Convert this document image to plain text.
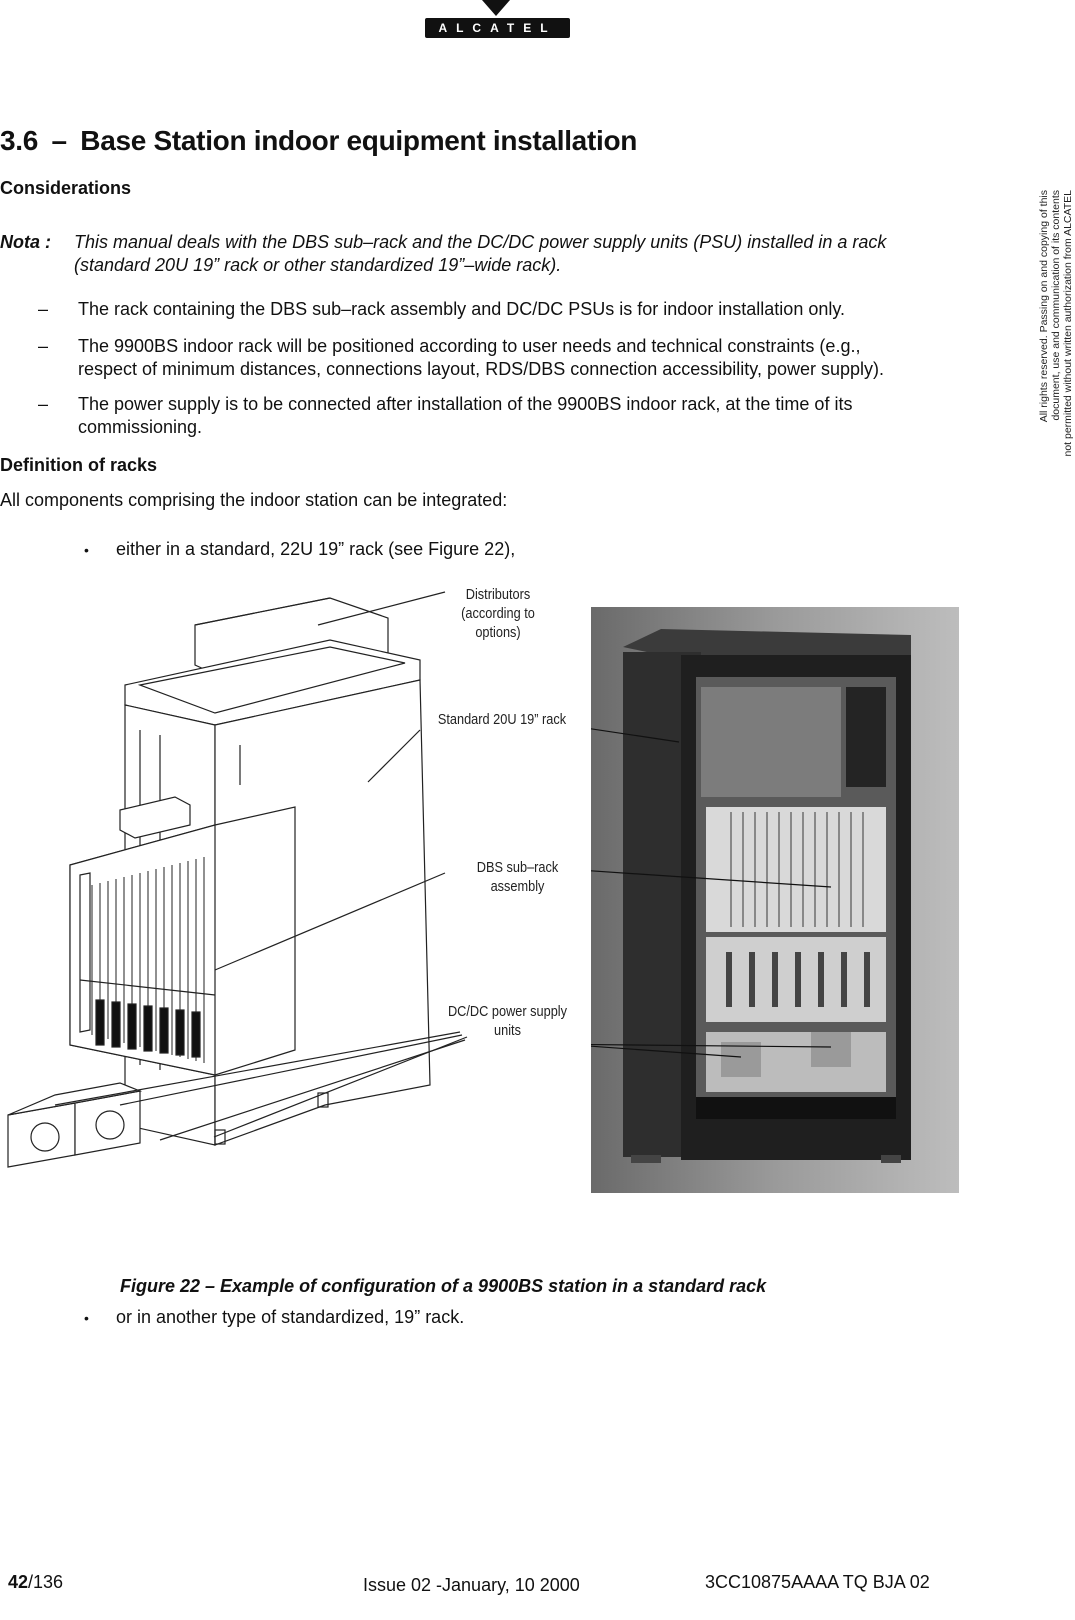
ALCATEL
All rights reserved. Passing on and copying of this document, use and communication of its contents not permitted without written authorization from ALCATEL
3.6 – Base Station indoor equipment installation
Considerations
Nota : This manual deals with the DBS sub–rack and the DC/DC power supply units (PSU) installed in a rack
(standard 20U 19” rack or other standardized 19”–wide rack).
– The rack containing the DBS sub–rack assembly and DC/DC PSUs is for indoor installation only.
– The 9900BS indoor rack will be positioned according to user needs and technical constraints (e.g.,
respect of minimum distances, connections layout, RDS/DBS connection accessibility, power supply).
– The power supply is to be connected after installation of the 9900BS indoor rack, at the time of its
commissioning.
Definition of racks
All components comprising the indoor station can be integrated:
• either in a standard, 22U 19” rack (see Figure 22),
Distributors
(according to
options)
Standard 20U 19” rack
DBS sub–rack
assembly
DC/DC power supply
units
Figure 22 – Example of configuration of a 9900BS station in a standard rack
• or in another type of standardized, 19” rack.
42/136	Issue 02 -January, 10 2000	3CC10875AAAA TQ BJA 02
